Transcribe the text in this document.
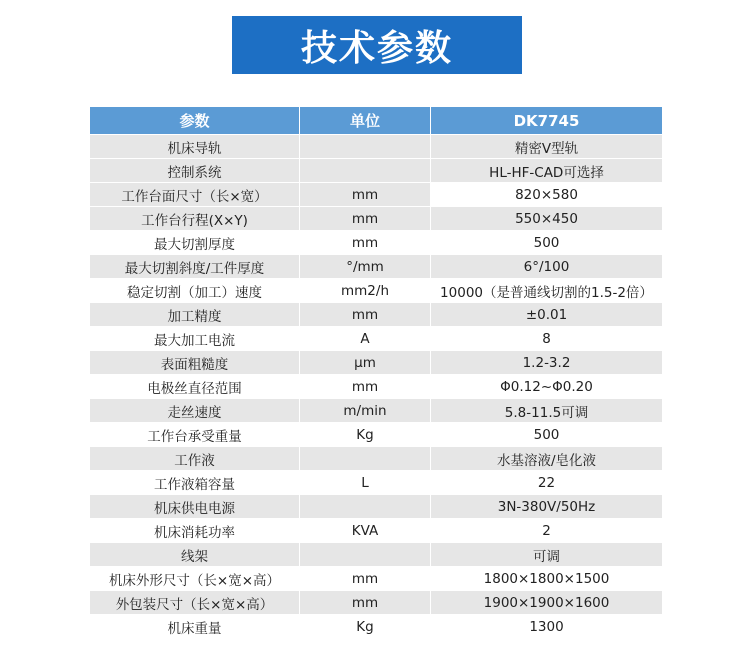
技术参数
参数	单位	DK7745
机床导轨		精密V型轨
控制系统		HL-HF-CAD可选择
工作台面尺寸（长×宽）	mm	820×580
工作台行程(X×Y)	mm	550×450
最大切割厚度	mm	500
最大切割斜度/工件厚度	°/mm	6°/100
稳定切割（加工）速度	mm2/h	10000（是普通线切割的1.5-2倍）
加工精度	mm	±0.01
最大加工电流	A	8
表面粗糙度	μm	1.2-3.2
电极丝直径范围	mm	Φ0.12~Φ0.20
走丝速度	m/min	5.8-11.5可调
工作台承受重量	Kg	500
工作液		水基溶液/皂化液
工作液箱容量	L	22
机床供电电源		3N-380V/50Hz
机床消耗功率	KVA	2
线架		可调
机床外形尺寸（长×宽×高）	mm	1800×1800×1500
外包装尺寸（长×宽×高）	mm	1900×1900×1600
机床重量	Kg	1300
